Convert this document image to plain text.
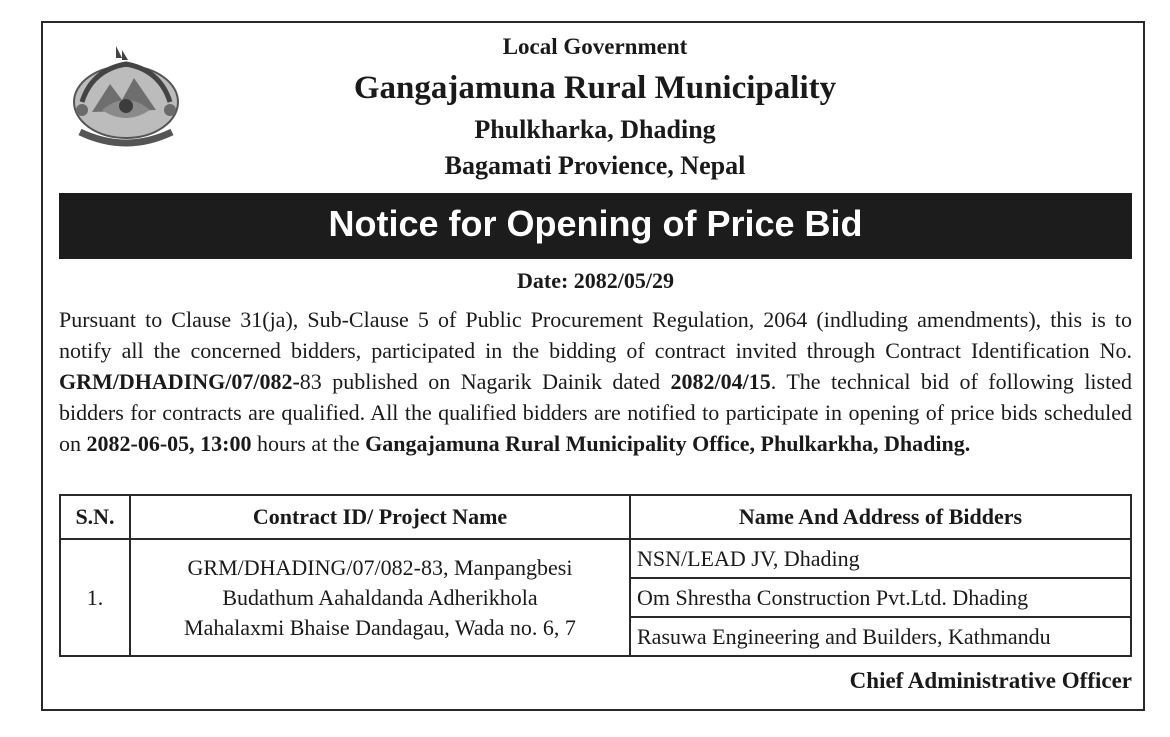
Local Government
Gangajamuna Rural Municipality
Phulkharka, Dhading
Bagamati Provience, Nepal
Notice for Opening of Price Bid
Date: 2082/05/29
Pursuant to Clause 31(ja), Sub-Clause 5 of Public Procurement Regulation, 2064 (indluding amendments), this is to notify all the concerned bidders, participated in the bidding of contract invited through Contract Identification No. GRM/DHADING/07/082-83 published on Nagarik Dainik dated 2082/04/15. The technical bid of following listed bidders for contracts are qualified. All the qualified bidders are notified to participate in opening of price bids scheduled on 2082-06-05, 13:00 hours at the Gangajamuna Rural Municipality Office, Phulkarkha, Dhading.
S.N.	Contract ID/ Project Name	Name And Address of Bidders
1.	GRM/DHADING/07/082-83, Manpangbesi
Budathum Aahaldanda Adherikhola
Mahalaxmi Bhaise Dandagau, Wada no. 6, 7	NSN/LEAD JV, Dhading
		Om Shrestha Construction Pvt.Ltd. Dhading
		Rasuwa Engineering and Builders, Kathmandu
Chief Administrative Officer
